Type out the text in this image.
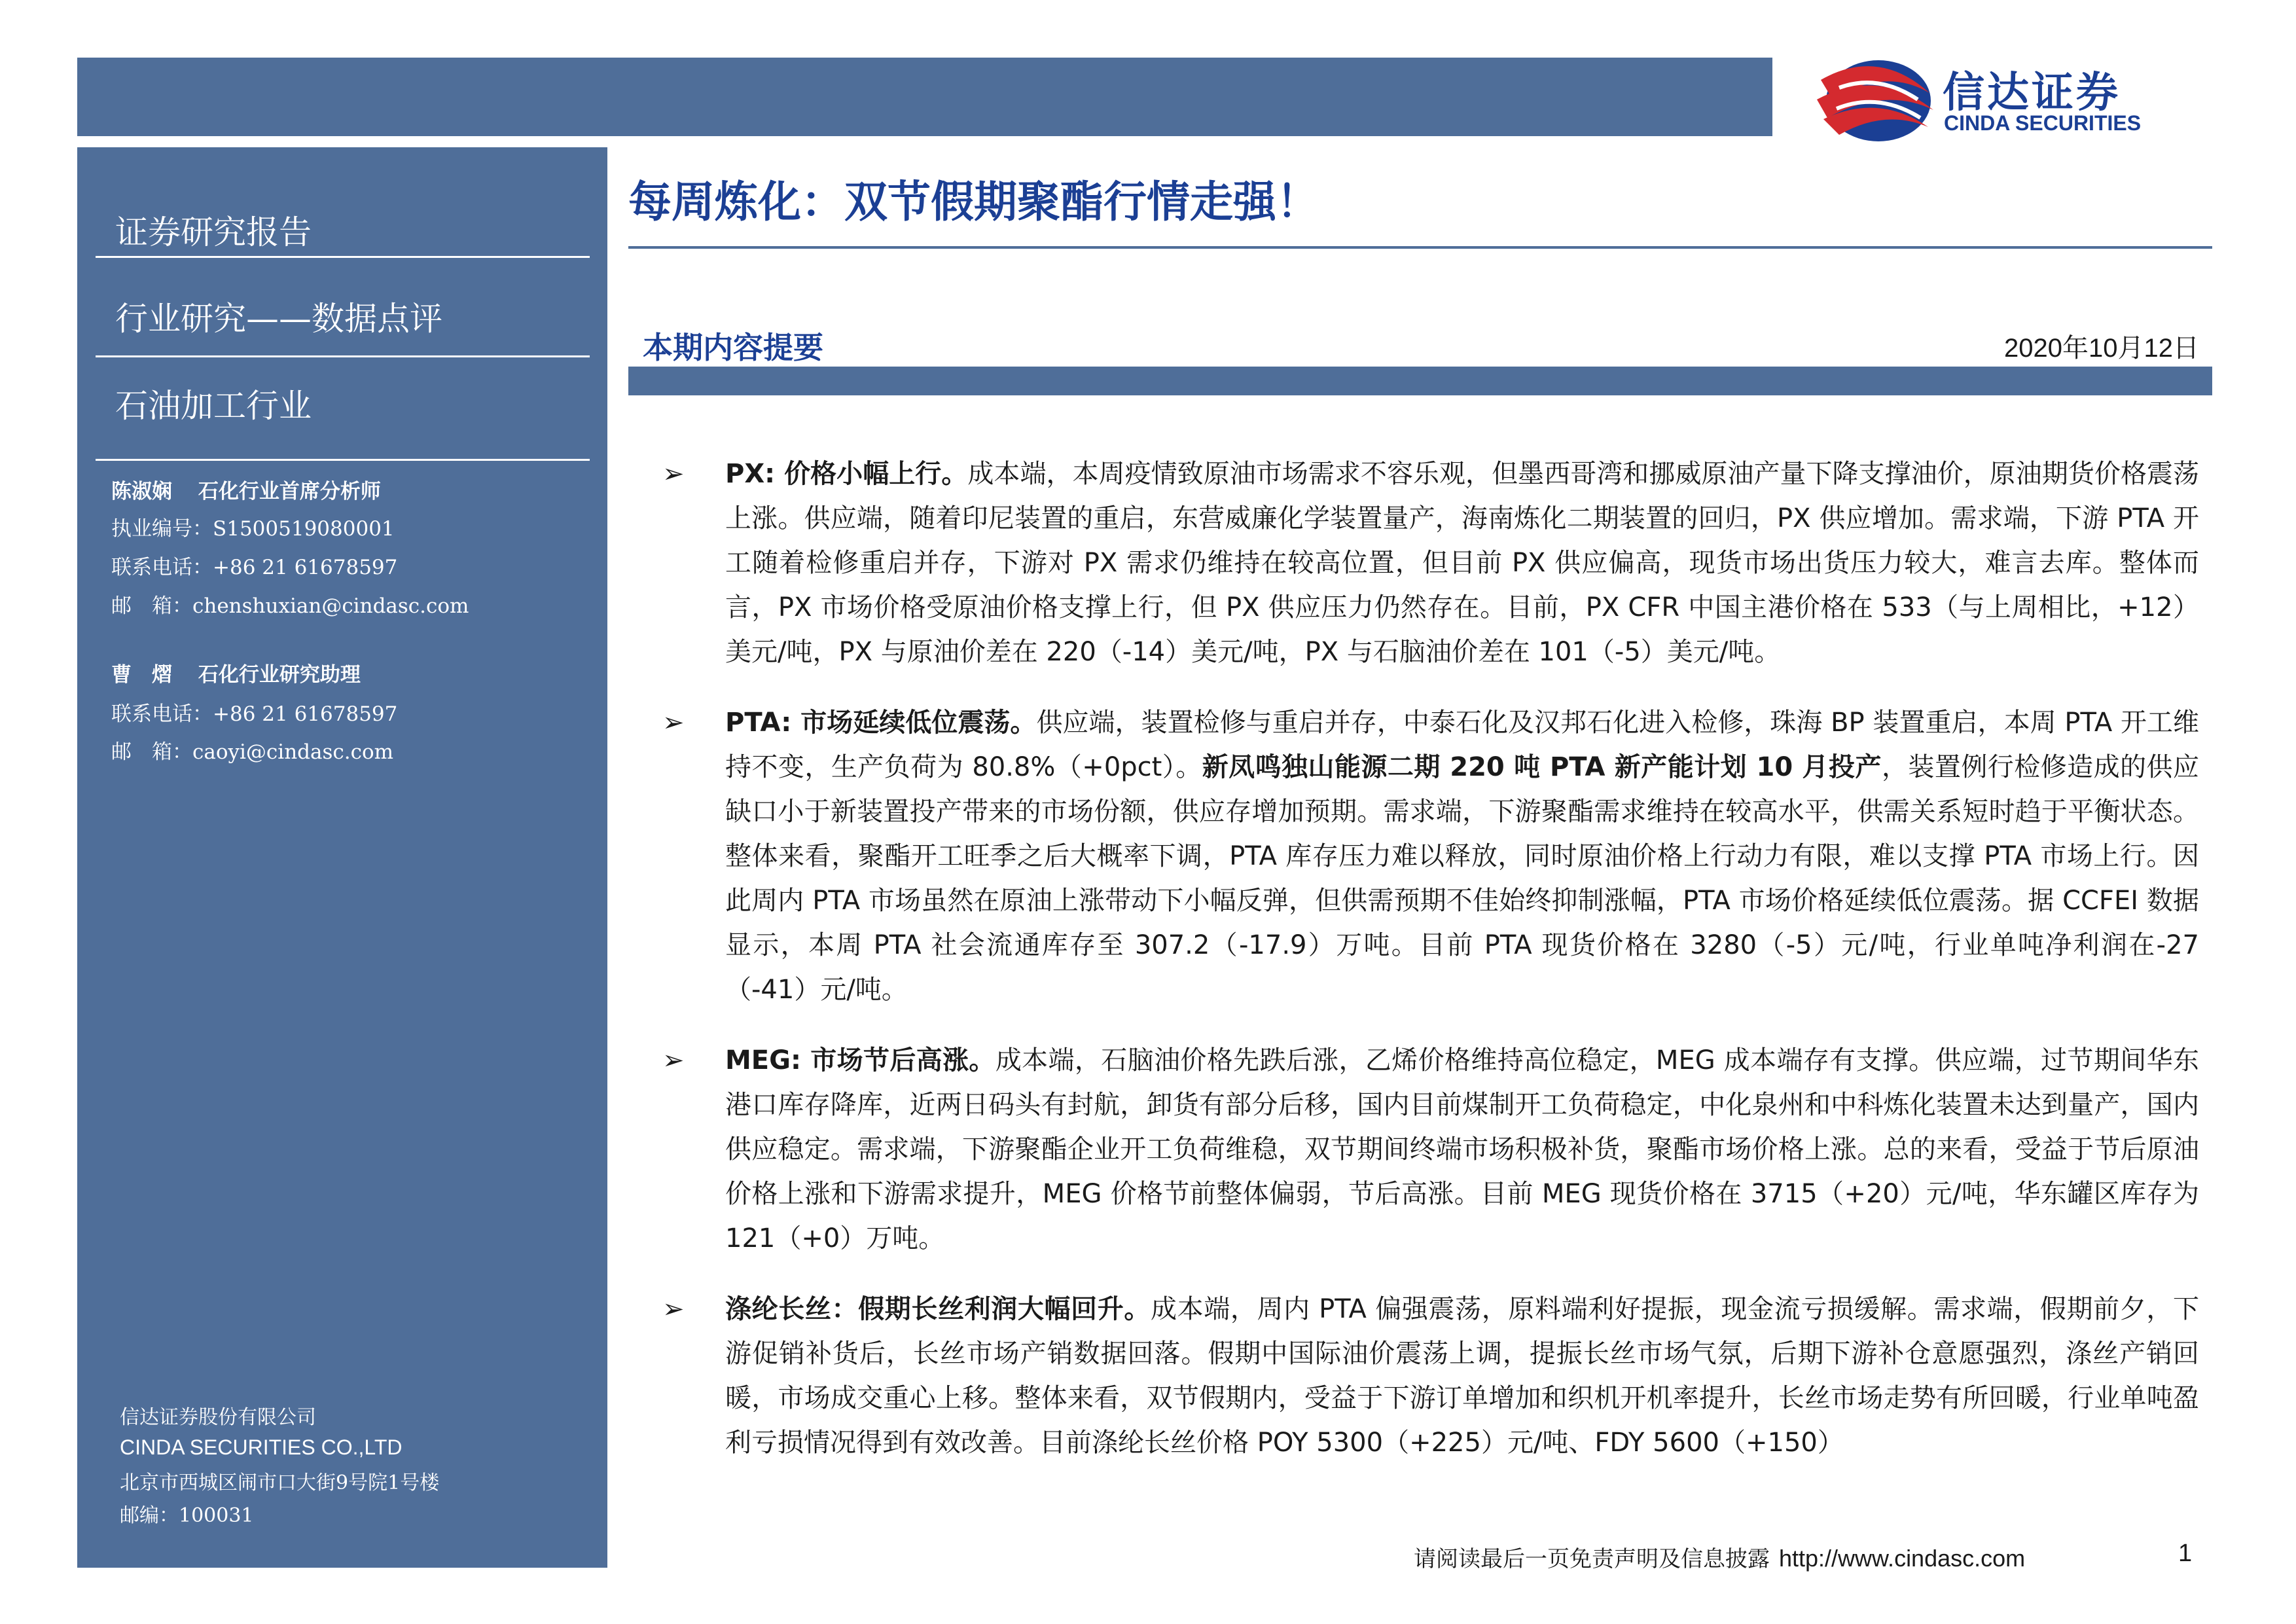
信达证券
CINDA SECURITIES
证券研究报告
行业研究——数据点评
石油加工行业
陈淑娴 石化行业首席分析师
执业编号：S1500519080001
联系电话：+86 21 61678597
邮　箱：chenshuxian@cindasc.com
曹　熠 石化行业研究助理
联系电话：+86 21 61678597
邮　箱：caoyi@cindasc.com
信达证券股份有限公司
CINDA SECURITIES CO.,LTD
北京市西城区闹市口大街9号院1号楼
邮编：100031
每周炼化：双节假期聚酯行情走强！
本期内容提要	2020年10月12日
➢ PX: 价格小幅上行。成本端，本周疫情致原油市场需求不容乐观，但墨西哥湾和挪威原油产量下降支撑油价，原油期货价格震荡上涨。供应端，随着印尼装置的重启，东营威廉化学装置量产，海南炼化二期装置的回归，PX 供应增加。需求端，下游 PTA 开工随着检修重启并存，下游对 PX 需求仍维持在较高位置，但目前 PX 供应偏高，现货市场出货压力较大，难言去库。整体而言，PX 市场价格受原油价格支撑上行，但 PX 供应压力仍然存在。目前，PX CFR 中国主港价格在 533（与上周相比，+12）美元/吨，PX 与原油价差在 220（-14）美元/吨，PX 与石脑油价差在 101（-5）美元/吨。
➢ PTA: 市场延续低位震荡。供应端，装置检修与重启并存，中泰石化及汉邦石化进入检修，珠海 BP 装置重启，本周 PTA 开工维持不变，生产负荷为 80.8%（+0pct）。新凤鸣独山能源二期 220 吨 PTA 新产能计划 10 月投产，装置例行检修造成的供应缺口小于新装置投产带来的市场份额，供应存增加预期。需求端，下游聚酯需求维持在较高水平，供需关系短时趋于平衡状态。整体来看，聚酯开工旺季之后大概率下调，PTA 库存压力难以释放，同时原油价格上行动力有限，难以支撑 PTA 市场上行。因此周内 PTA 市场虽然在原油上涨带动下小幅反弹，但供需预期不佳始终抑制涨幅，PTA 市场价格延续低位震荡。据 CCFEI 数据显示，本周 PTA 社会流通库存至 307.2（-17.9）万吨。目前 PTA 现货价格在 3280（-5）元/吨，行业单吨净利润在-27（-41）元/吨。
➢ MEG: 市场节后高涨。成本端，石脑油价格先跌后涨，乙烯价格维持高位稳定，MEG 成本端存有支撑。供应端，过节期间华东港口库存降库，近两日码头有封航，卸货有部分后移，国内目前煤制开工负荷稳定，中化泉州和中科炼化装置未达到量产，国内供应稳定。需求端，下游聚酯企业开工负荷维稳，双节期间终端市场积极补货，聚酯市场价格上涨。总的来看，受益于节后原油价格上涨和下游需求提升，MEG 价格节前整体偏弱，节后高涨。目前 MEG 现货价格在 3715（+20）元/吨，华东罐区库存为 121（+0）万吨。
➢ 涤纶长丝：假期长丝利润大幅回升。成本端，周内 PTA 偏强震荡，原料端利好提振，现金流亏损缓解。需求端，假期前夕，下游促销补货后，长丝市场产销数据回落。假期中国际油价震荡上调，提振长丝市场气氛，后期下游补仓意愿强烈，涤丝产销回暖，市场成交重心上移。整体来看，双节假期内，受益于下游订单增加和织机开机率提升，长丝市场走势有所回暖，行业单吨盈利亏损情况得到有效改善。目前涤纶长丝价格 POY 5300（+225）元/吨、FDY 5600（+150）
请阅读最后一页免责声明及信息披露 http://www.cindasc.com	1
